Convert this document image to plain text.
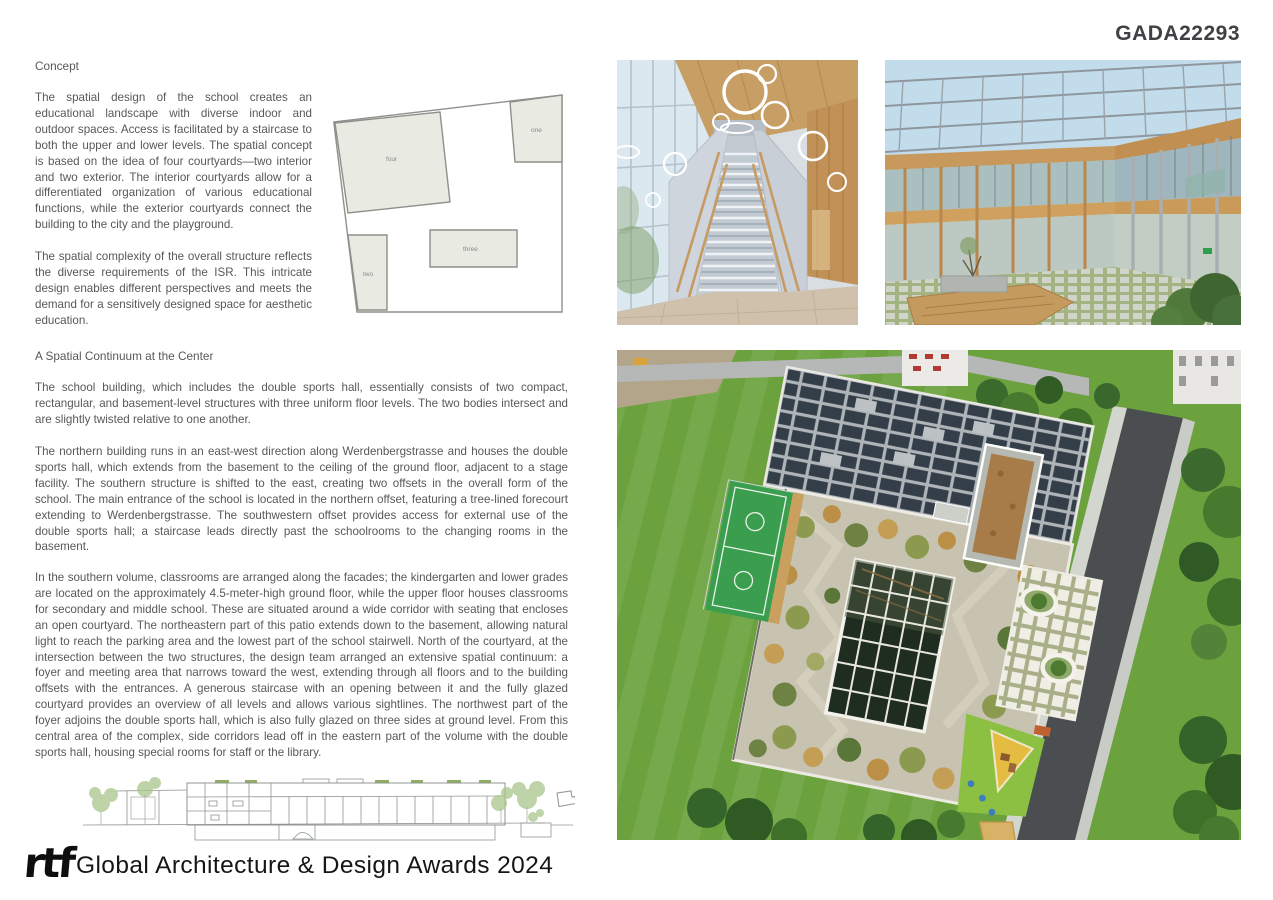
GADA22293
Concept
The spatial design of the school creates an educational landscape with diverse indoor and outdoor spaces. Access is facilitated by a staircase to both the upper and lower levels. The spatial concept is based on the idea of four courtyards—two interior and two exterior. The interior courtyards allow for a differentiated organization of various educational functions, while the exterior courtyards connect the building to the city and the playground.
The spatial complexity of the overall structure reflects the diverse requirements of the ISR. This intricate design enables different perspectives and meets the demand for a sensitively designed space for aesthetic education.
A Spatial Continuum at the Center
The school building, which includes the double sports hall, essentially consists of two compact, rectangular, and basement-level structures with three uniform floor levels. The two bodies intersect and are slightly twisted relative to one another.
The northern building runs in an east-west direction along Werdenbergstrasse and houses the double sports hall, which extends from the basement to the ceiling of the ground floor, adjacent to a stage facility. The southern structure is shifted to the east, creating two offsets in the overall form of the school. The main entrance of the school is located in the northern offset, featuring a tree-lined forecourt extending to Werdenbergstrasse. The southwestern offset provides access for external use of the double sports hall; a staircase leads directly past the schoolrooms to the changing rooms in the basement.
In the southern volume, classrooms are arranged along the facades; the kindergarten and lower grades are located on the approximately 4.5-meter-high ground floor, while the upper floor houses classrooms for secondary and middle school. These are situated around a wide corridor with seating that encloses an open courtyard. The northeastern part of this patio extends down to the basement, allowing natural light to reach the parking area and the lowest part of the school stairwell. North of the courtyard, at the intersection between the two structures, the design team arranged an extensive spatial continuum: a foyer and meeting area that narrows toward the west, extending through all floors and to the building offsets with the entrances. A generous staircase with an opening between it and the fully glazed courtyard provides an overview of all levels and allows various sightlines. The northwest part of the foyer adjoins the double sports hall, which is also fully glazed on three sides at ground level. From this central area of the complex, side corridors lead off in the eastern part of the volume with the double sports hall, housing special rooms for staff or the library.
four
one
two
three
rtf Global Architecture & Design Awards 2024
